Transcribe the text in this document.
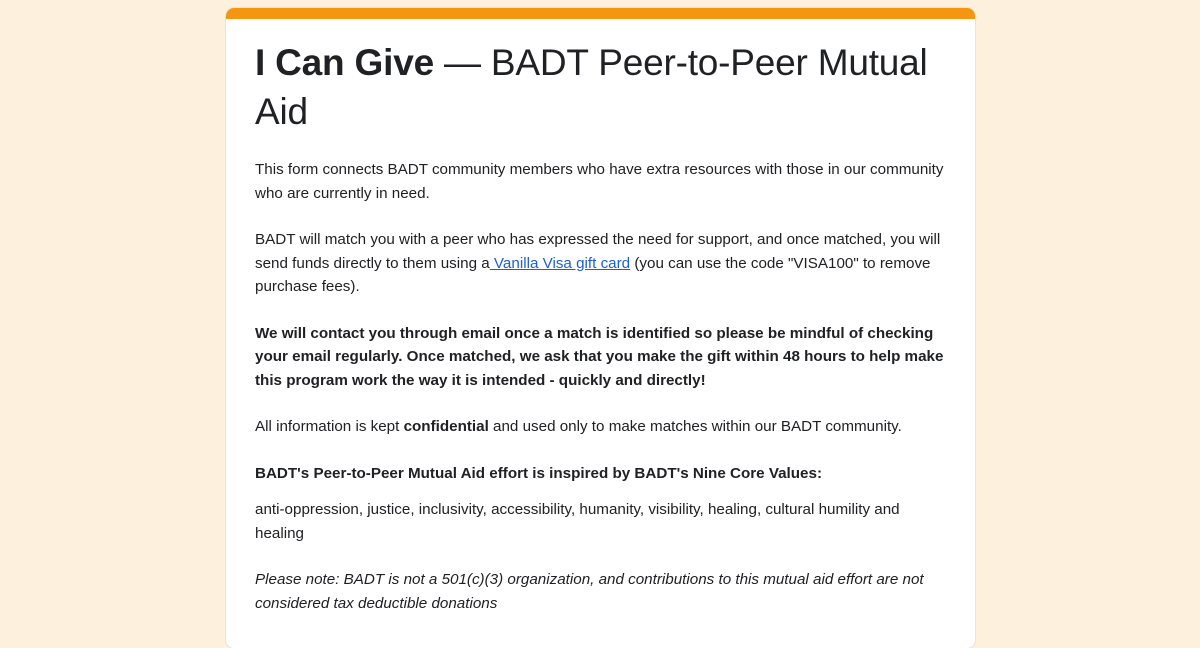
I Can Give — BADT Peer-to-Peer Mutual Aid

This form connects BADT community members who have extra resources with those in our community who are currently in need.

BADT will match you with a peer who has expressed the need for support, and once matched, you will send funds directly to them using a Vanilla Visa gift card (you can use the code "VISA100" to remove purchase fees).

We will contact you through email once a match is identified so please be mindful of checking your email regularly. Once matched, we ask that you make the gift within 48 hours to help make this program work the way it is intended - quickly and directly!

All information is kept confidential and used only to make matches within our BADT community.

BADT's Peer-to-Peer Mutual Aid effort is inspired by BADT's Nine Core Values:

anti-oppression, justice, inclusivity, accessibility, humanity, visibility, healing, cultural humility and healing

Please note: BADT is not a 501(c)(3) organization, and contributions to this mutual aid effort are not considered tax deductible donations
